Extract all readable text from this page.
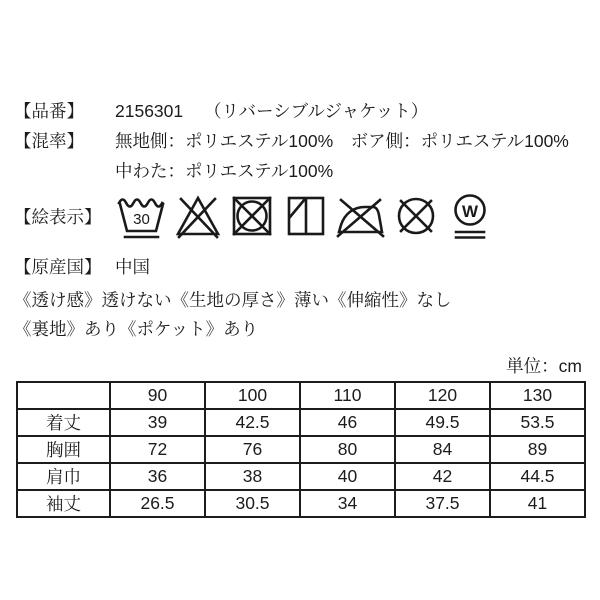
【品番】	2156301 （リバーシブルジャケット）
【混率】	無地側：ポリエステル100%　ボア側：ポリエステル100%
中わた：ポリエステル100%
【絵表示】	30	W
【原産国】 中国

《透け感》透けない《生地の厚さ》薄い《伸縮性》なし

《裏地》あり《ポケット》あり

単位：cm
	90	100	110	120	130
着丈	39	42.5	46	49.5	53.5
胸囲	72	76	80	84	89
肩巾	36	38	40	42	44.5
袖丈	26.5	30.5	34	37.5	41
